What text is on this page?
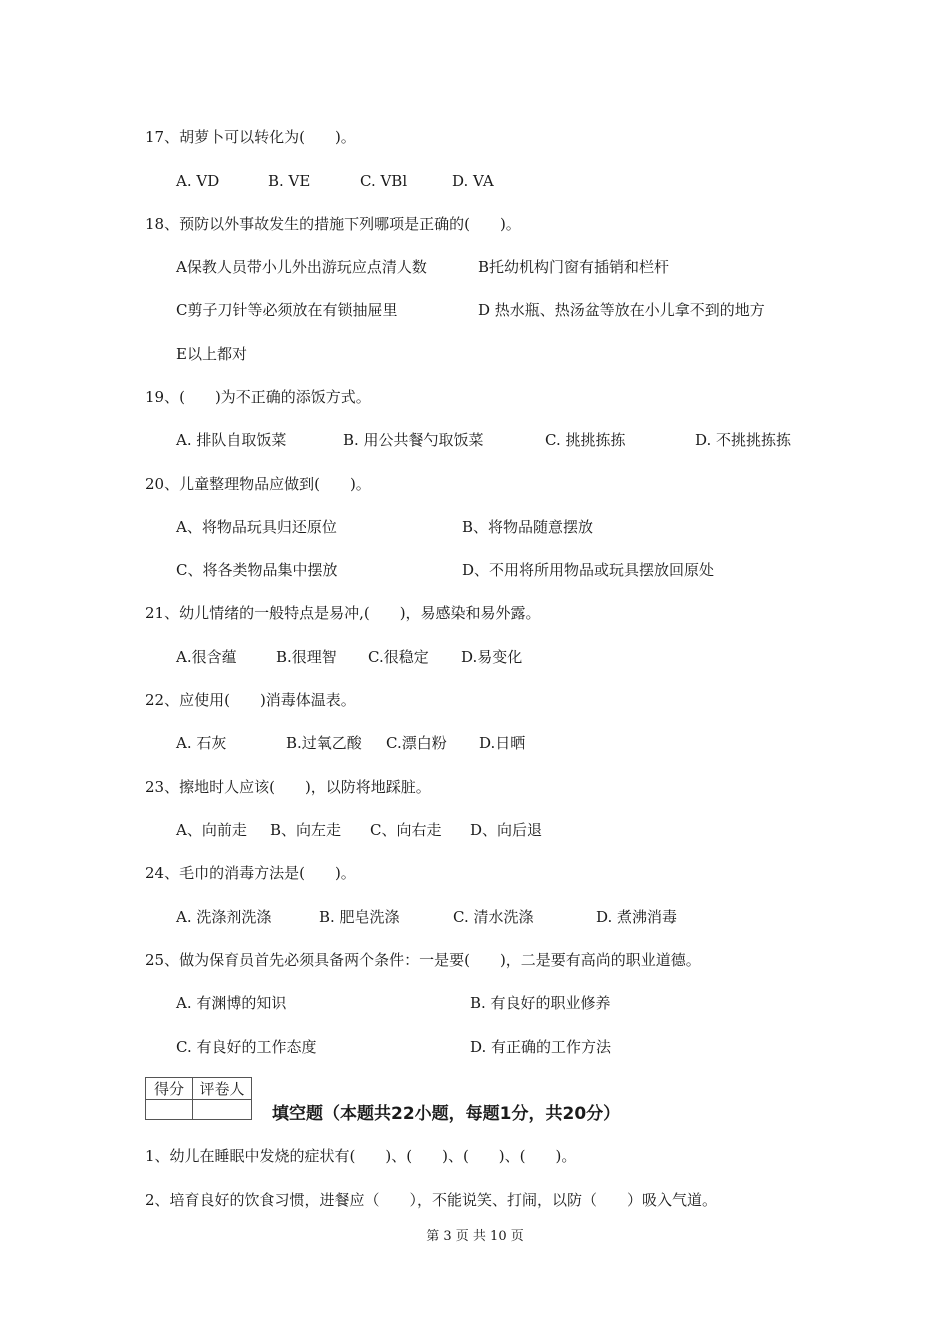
17、胡萝卜可以转化为(　　)。
A. VD	B. VE	C. VBl	D. VA
18、预防以外事故发生的措施下列哪项是正确的(　　)。
A保教人员带小儿外出游玩应点清人数	B托幼机构门窗有插销和栏杆
C剪子刀针等必须放在有锁抽屉里	D 热水瓶、热汤盆等放在小儿拿不到的地方
E以上都对
19、(　　)为不正确的添饭方式。
A. 排队自取饭菜	B. 用公共餐勺取饭菜	C. 挑挑拣拣	D. 不挑挑拣拣
20、儿童整理物品应做到(　　)。
A、将物品玩具归还原位	B、将物品随意摆放
C、将各类物品集中摆放	D、不用将所用物品或玩具摆放回原处
21、幼儿情绪的一般特点是易冲,(　　)，易感染和易外露。
A.很含蕴	B.很理智 C.很稳定 D.易变化
22、应使用(　　)消毒体温表。
A. 石灰	B.过氧乙酸 C.漂白粉 D.日晒
23、擦地时人应该(　　)，以防将地踩脏。
A、向前走 B、向左走 C、向右走 D、向后退
24、毛巾的消毒方法是(　　)。
A. 洗涤剂洗涤	B. 肥皂洗涤	C. 清水洗涤	D. 煮沸消毒
25、做为保育员首先必须具备两个条件：一是要(　　)，二是要有高尚的职业道德。
A. 有渊博的知识	B. 有良好的职业修养
C. 有良好的工作态度	D. 有正确的工作方法
得分	评卷人

填空题（本题共22小题，每题1分，共20分）
1、幼儿在睡眠中发烧的症状有(　　)、(　　)、(　　)、(　　)。
2、培育良好的饮食习惯，进餐应（　　），不能说笑、打闹，以防（　　）吸入气道。
第 3 页 共 10 页
